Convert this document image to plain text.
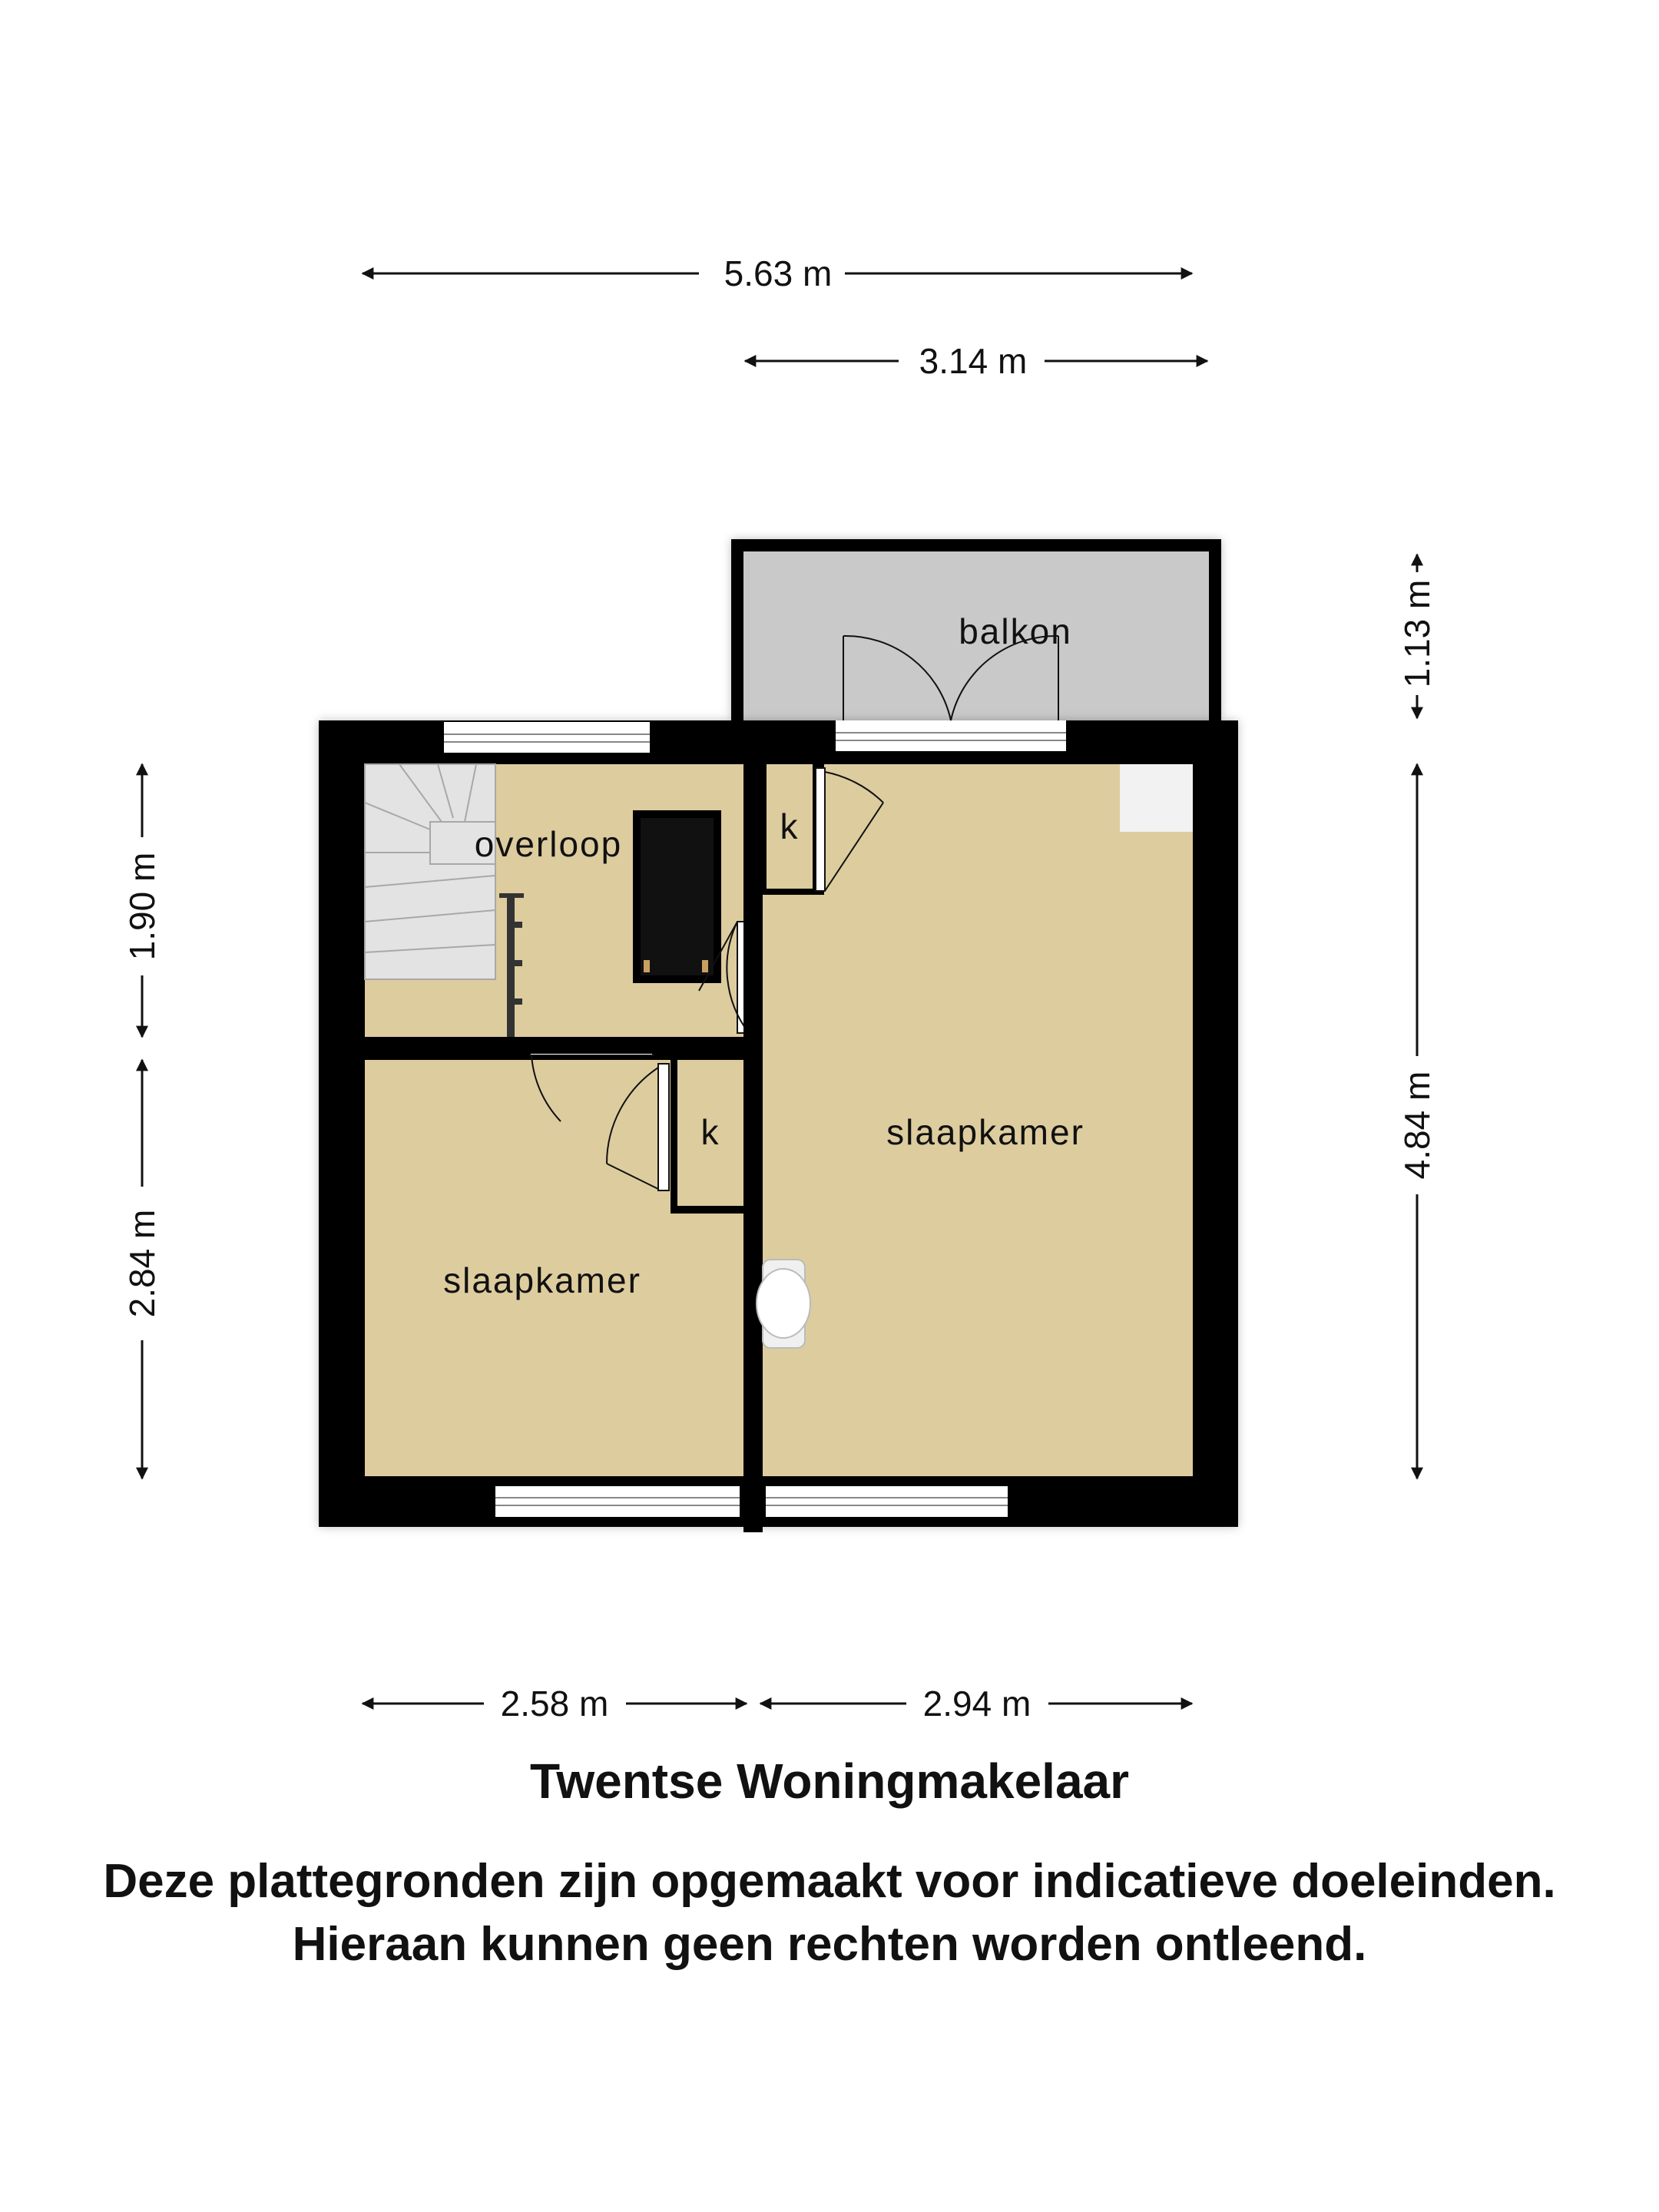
5.63 m
3.14 m
1.90 m
2.84 m
1.13 m
4.84 m
2.58 m	2.94 m
balkon
overloop	k
k	slaapkamer
slaapkamer

Twentse Woningmakelaar

Deze plattegronden zijn opgemaakt voor indicatieve doeleinden.

Hieraan kunnen geen rechten worden ontleend.
